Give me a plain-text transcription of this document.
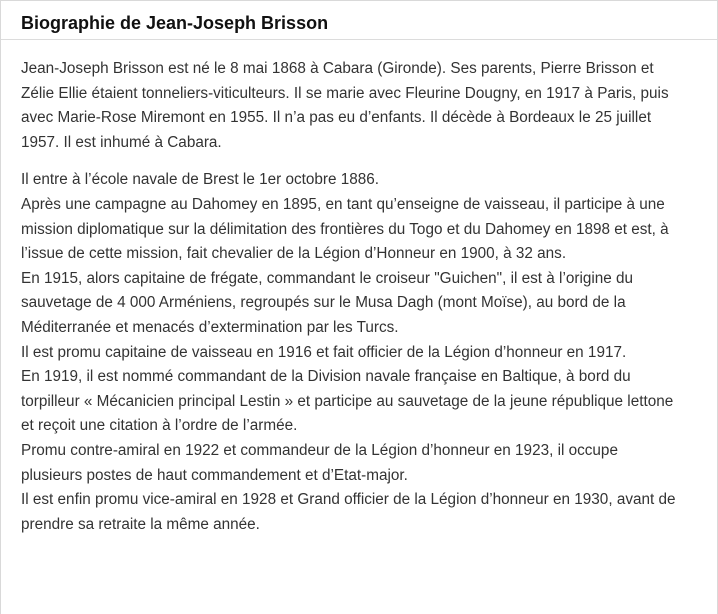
Biographie de Jean-Joseph Brisson

Jean-Joseph Brisson est né le 8 mai 1868 à Cabara (Gironde). Ses parents, Pierre Brisson et
Zélie Ellie étaient tonneliers-viticulteurs. Il se marie avec Fleurine Dougny, en 1917 à Paris, puis
avec Marie-Rose Miremont en 1955. Il n’a pas eu d’enfants. Il décède à Bordeaux le 25 juillet
1957. Il est inhumé à Cabara.

Il entre à l’école navale de Brest le 1er octobre 1886.
Après une campagne au Dahomey en 1895, en tant qu’enseigne de vaisseau, il participe à une
mission diplomatique sur la délimitation des frontières du Togo et du Dahomey en 1898 et est, à
l’issue de cette mission, fait chevalier de la Légion d’Honneur en 1900, à 32 ans.
En 1915, alors capitaine de frégate, commandant le croiseur "Guichen", il est à l’origine du
sauvetage de 4 000 Arméniens, regroupés sur le Musa Dagh (mont Moïse), au bord de la
Méditerranée et menacés d’extermination par les Turcs.
Il est promu capitaine de vaisseau en 1916 et fait officier de la Légion d’honneur en 1917.
En 1919, il est nommé commandant de la Division navale française en Baltique, à bord du
torpilleur « Mécanicien principal Lestin » et participe au sauvetage de la jeune république lettone
et reçoit une citation à l’ordre de l’armée.
Promu contre-amiral en 1922 et commandeur de la Légion d’honneur en 1923, il occupe
plusieurs postes de haut commandement et d’Etat-major.
Il est enfin promu vice-amiral en 1928 et Grand officier de la Légion d’honneur en 1930, avant de
prendre sa retraite la même année.
